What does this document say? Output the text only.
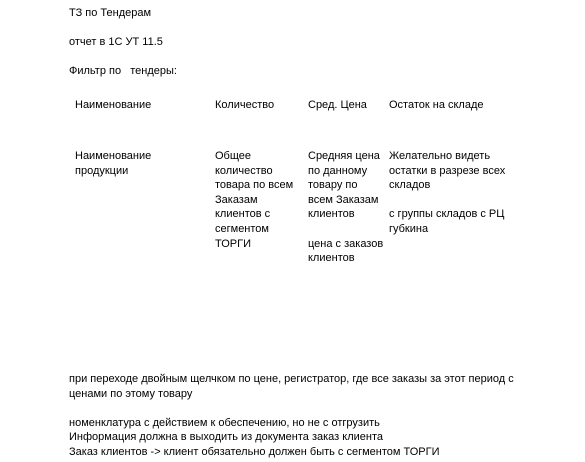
ТЗ по Тендерам
отчет в 1С УТ 11.5
Фильтр по   тендеры:
Наименование	Количество	Сред. Цена Остаток на складе
Наименование продукции
Общее количество товара по всем Заказам клиентов с сегментом ТОРГИ
Средняя цена по данному товару по всем Заказам клиентов
цена с заказов клиентов
Желательно видеть остатки в разрезе всех складов
с группы складов с РЦ губкина
при переходе двойным щелчком по цене, регистратор, где все заказы за этот период с
ценами по этому товару
номенклатура с действием к обеспечению, но не с отгрузить
Информация должна в выходить из документа заказ клиента
Заказ клиентов -> клиент обязательно должен быть с сегментом ТОРГИ
